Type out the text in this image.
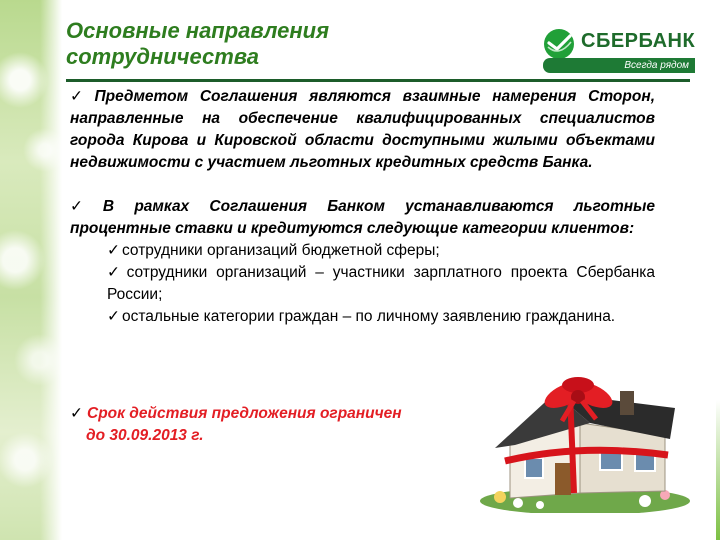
Основные направления
сотрудничества
СБЕРБАНК
Всегда рядом

✓ Предметом Соглашения являются взаимные намерения Сторон, направленные на обеспечение квалифицированных специалистов города Кирова и Кировской области доступными жилыми объектами недвижимости с участием льготных кредитных средств Банка.

✓ В рамках Соглашения Банком устанавливаются льготные процентные ставки и кредитуются следующие категории клиентов:

✓ сотрудники организаций бюджетной сферы;

✓ сотрудники организаций – участники зарплатного проекта Сбербанка России;

✓ остальные категории граждан – по личному заявлению гражданина.

✓ Срок действия предложения ограничен
до 30.09.2013 г.
